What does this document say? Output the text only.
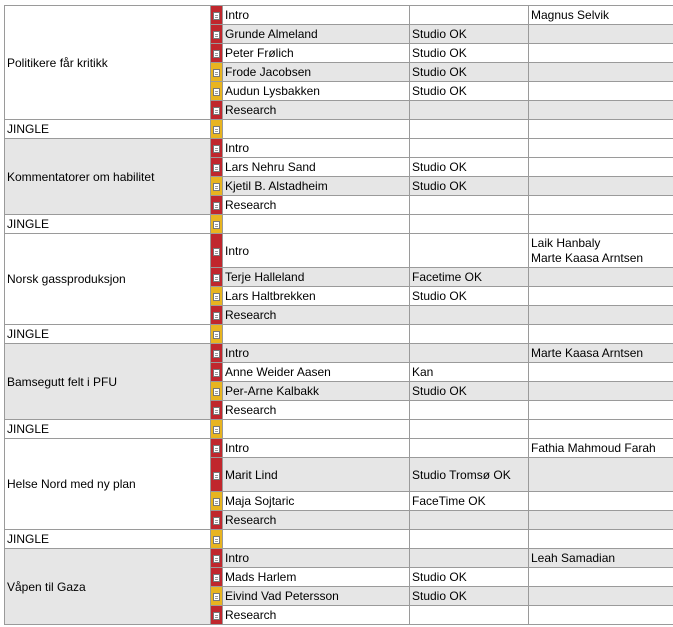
Politikere får kritikk		Intro		Magnus Selvik

		Grunde Almeland	Studio OK	

		Peter Frølich	Studio OK	

		Frode Jacobsen	Studio OK	

		Audun Lysbakken	Studio OK	

		Research		
JINGLE	

Kommentatorer om habilitet		Intro		

		Lars Nehru Sand	Studio OK	

		Kjetil B. Alstadheim	Studio OK	

		Research		
JINGLE	

Norsk gassproduksjon		Intro		Laik Hanbaly
Marte Kaasa Arntsen

		Terje Halleland	Facetime OK	

		Lars Haltbrekken	Studio OK	

		Research		
JINGLE	

Bamsegutt felt i PFU		Intro		Marte Kaasa Arntsen

		Anne Weider Aasen	Kan	

		Per-Arne Kalbakk	Studio OK	

		Research		
JINGLE	

Helse Nord med ny plan		Intro		Fathia Mahmoud Farah

		Marit Lind	Studio Tromsø OK	

		Maja Sojtaric	FaceTime OK	

		Research		
JINGLE	

Våpen til Gaza		Intro		Leah Samadian

		Mads Harlem	Studio OK	

		Eivind Vad Petersson	Studio OK	

		Research		
